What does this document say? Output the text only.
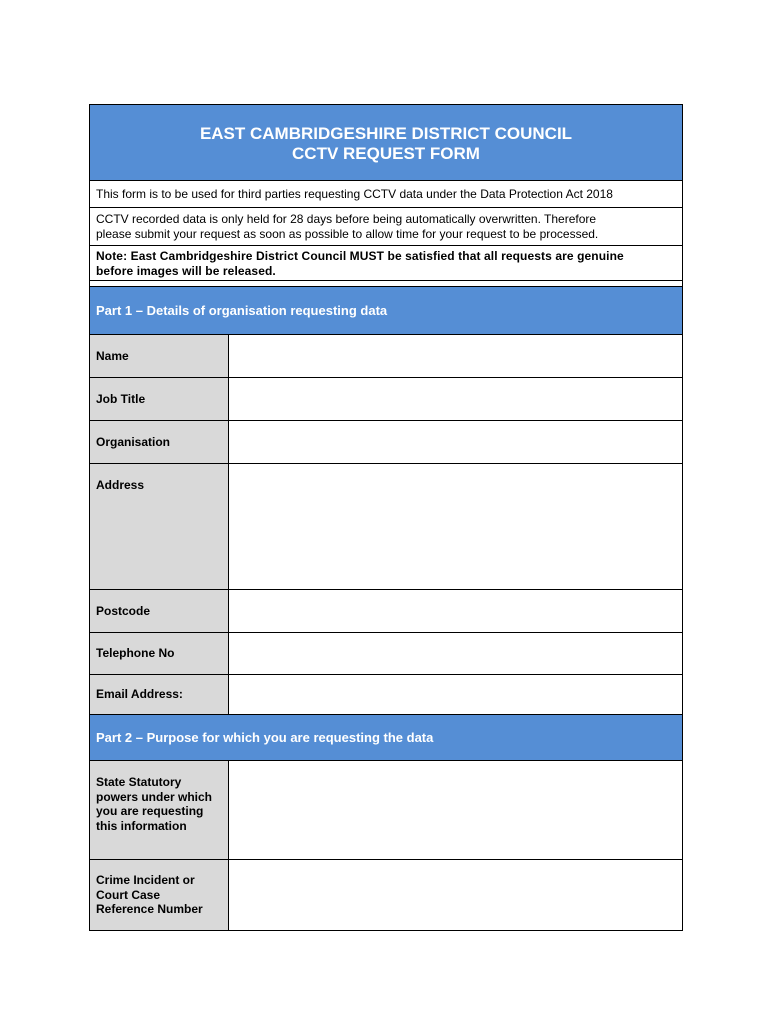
EAST CAMBRIDGESHIRE DISTRICT COUNCIL
CCTV REQUEST FORM
This form is to be used for third parties requesting CCTV data under the Data Protection Act 2018
CCTV recorded data is only held for 28 days before being automatically overwritten. Therefore
please submit your request as soon as possible to allow time for your request to be processed.
Note: East Cambridgeshire District Council MUST be satisfied that all requests are genuine
before images will be released.
Part 1 – Details of organisation requesting data
Name
Job Title
Organisation
Address
Postcode
Telephone No
Email Address:
Part 2 – Purpose for which you are requesting the data
State Statutory
powers under which
you are requesting
this information
Crime Incident or
Court Case
Reference Number
